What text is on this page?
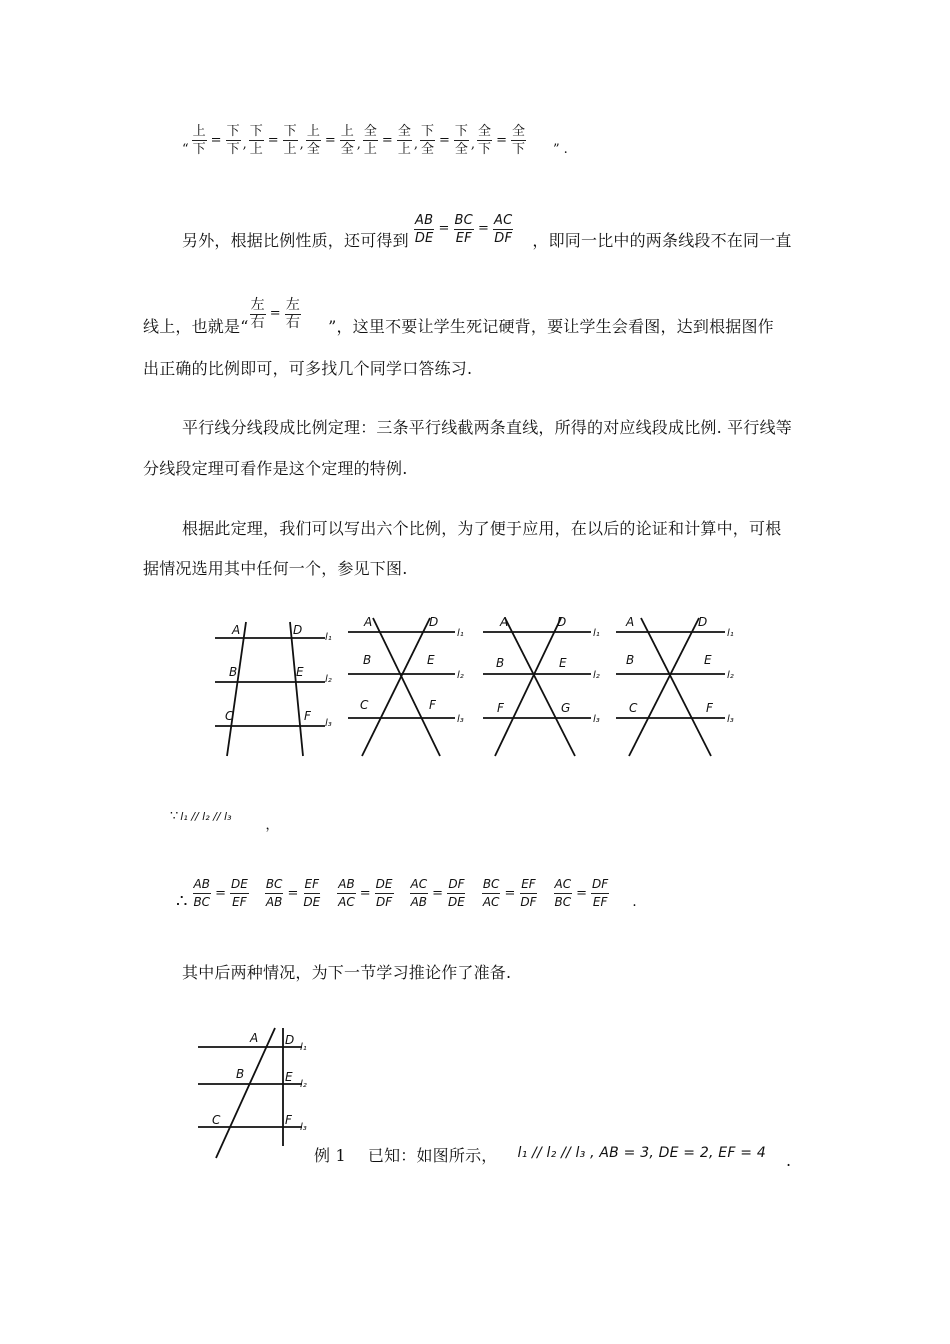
“ $\frac{\text{上}}{\text{下}} = \frac{\text{下}}{\text{下}}$ , $\frac{\text{下}}{\text{上}} = \frac{\text{下}}{\text{上}}$ , $\frac{\text{上}}{\text{全}} = \frac{\text{上}}{\text{全}}$ , $\frac{\text{全}}{\text{上}} = \frac{\text{全}}{\text{上}}$ , $\frac{\text{下}}{\text{全}} = \frac{\text{下}}{\text{全}}$ , $\frac{\text{全}}{\text{下}} = \frac{\text{全}}{\text{下}}$ ” .
另外，根据比例性质，还可得到 $\frac{AB}{DE} = \frac{BC}{EF} = \frac{AC}{DF}$ ，即同一比中的两条线段不在同一直
线上，也就是“ $\frac{\text{左}}{\text{右}} = \frac{\text{左}}{\text{右}}$ ”，这里不要让学生死记硬背，要让学生会看图，达到根据图作
出正确的比例即可，可多找几个同学口答练习.
平行线分线段成比例定理：三条平行线截两条直线，所得的对应线段成比例. 平行线等
分线段定理可看作是这个定理的特例.
根据此定理，我们可以写出六个比例，为了便于应用，在以后的论证和计算中，可根
据情况选用其中任何一个，参见下图.
A	D
B	E
C	F
l₁
l₂
l₃
A	D
B	E
C	F
l₁
l₂
l₃
A	D
B	E
F	G
l₁
l₂
l₃
A	D
B	E
C	F
l₁
l₂
l₃
∵ l₁ // l₂ // l₃
，
∴ $\frac{AB}{BC} = \frac{DE}{EF} \frac{BC}{AB} = \frac{EF}{DE} \frac{AB}{AC} = \frac{DE}{DF} \frac{AC}{AB} = \frac{DF}{DE} \frac{BC}{AC} = \frac{EF}{DF} \frac{AC}{BC} = \frac{DF}{EF}$ .
其中后两种情况，为下一节学习推论作了准备.
A D
B	E
C	F
l₁
l₂
l₃
例 1 已知：如图所示， l₁ // l₂ // l₃ , AB = 3, DE = 2, EF = 4 .
